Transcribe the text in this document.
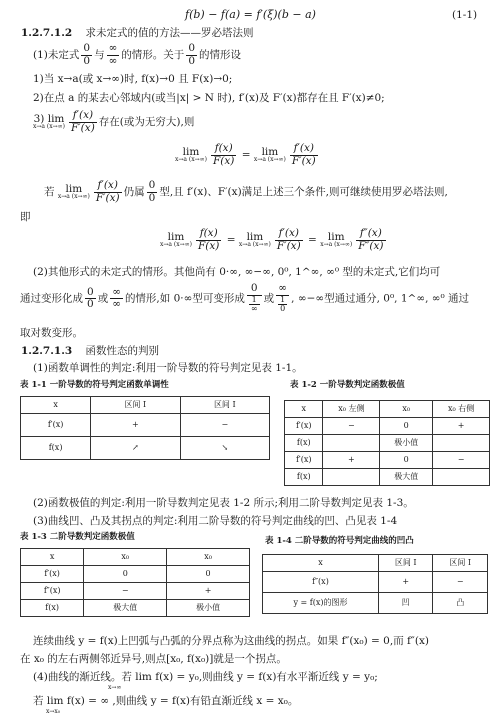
f(b) − f(a) = f′(ξ)(b − a)	(1-1)
1.2.7.1.2 求未定式的值的方法——罗必塔法则
(1)未定式 $\frac{0}{0}$ 与 $\frac{\infty}{\infty}$ 的情形。关于 $\frac{0}{0}$ 的情形设
1)当 x→a(或 x→∞)时, f(x)→0 且 F(x)→0;
2)在点 a 的某去心邻域内(或当|x| > N 时), f′(x)及 F′(x)都存在且 F′(x)≠0;
3) lim
x→a $(x\to\infty) \frac{f'(x)}{F'(x)}$ 存在(或为无穷大),则
lim
x→a $(x\to\infty) \frac{f(x)}{F(x)}$ =	lim
x→a $(x\to\infty) \frac{f'(x)}{F'(x)}$
若	lim
x→a $(x\to\infty) \frac{f'(x)}{F'(x)}$ 仍属 $\frac{0}{0}$ 型,且 f′(x)、F′(x)满足上述三个条件,则可继续使用罗必塔法则,
即
lim
x→a $(x\to\infty) \frac{f(x)}{F(x)}$ =	lim
x→a $(x\to\infty) \frac{f'(x)}{F'(x)}$ =	lim
x→a $(x\to\infty) \frac{f''(x)}{F''(x)}$
(2)其他形式的未定式的情形。其他尚有 0·∞, ∞−∞, 0⁰, 1^∞, ∞⁰ 型的未定式,它们均可
通过变形化成 $\frac{0}{0}$ 或 $\frac{\infty}{\infty}$ 的情形,如 0·∞型可变形成 $\frac{0}{\frac{1}{\infty}}$ 或 $\frac{\infty}{\frac{1}{0}}$ , ∞−∞型通过通分, 0⁰, 1^∞, ∞⁰ 通过
取对数变形。
1.2.7.1.3 函数性态的判别
(1)函数单调性的判定:利用一阶导数的符号判定见表 1-1。
表 1-1 一阶导数的符号判定函数单调性
x	区间 I	区间 I
f′(x)	+	−
f(x)	↗	↘
表 1-2 一阶导数判定函数极值
x	x₀ 左侧	x₀	x₀ 右侧
f′(x)	−	0	+
f(x)		极小值	
f′(x)	+	0	−
f(x)		极大值	
(2)函数极值的判定:利用一阶导数判定见表 1-2 所示;利用二阶导数判定见表 1-3。
(3)曲线凹、凸及其拐点的判定:利用二阶导数的符号判定曲线的凹、凸见表 1-4
表 1-3 二阶导数判定函数极值
x	x₀	x₀
f′(x)	0	0
f″(x)	−	+
f(x)	极大值	极小值
表 1-4 二阶导数的符号判定曲线的凹凸
x	区间 I	区间 I
f″(x)	+	−
y = f(x)的图形	凹	凸
连续曲线 y = f(x)上凹弧与凸弧的分界点称为这曲线的拐点。如果 f″(x₀) = 0,而 f″(x)
在 x₀ 的左右两侧邻近异号,则点[x₀, f(x₀)]就是一个拐点。
(4)曲线的渐近线。若 lim f(x) = y₀,则曲线 y = f(x)有水平渐近线 y = y₀;
x→∞
若 lim f(x) = ∞ ,则曲线 y = f(x)有铅直渐近线 x = x₀。
x→x₀
